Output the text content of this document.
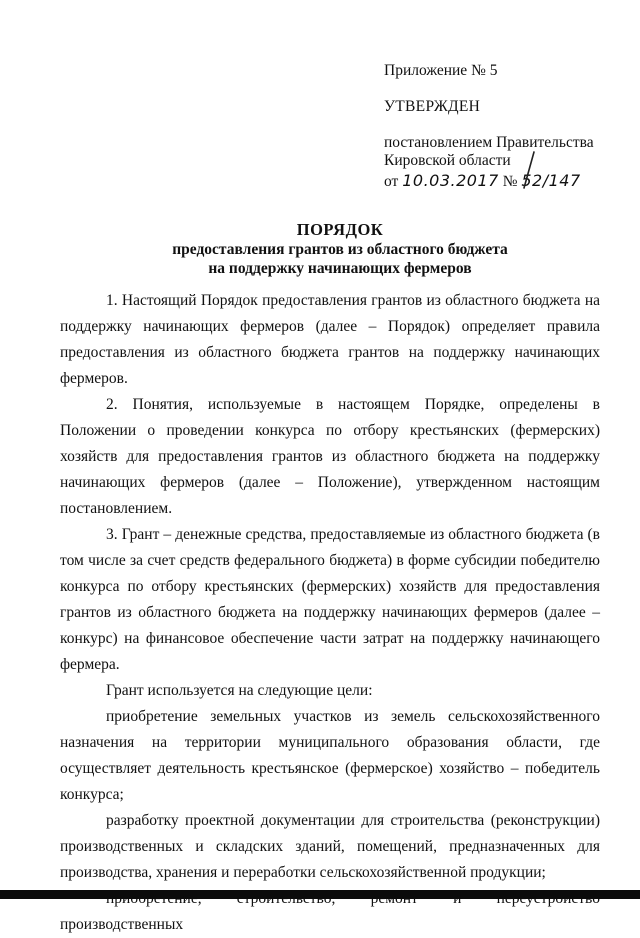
Приложение № 5
УТВЕРЖДЕН
постановлением Правительства
Кировской области
от 10.03.2017 № 52/147
ПОРЯДОК
предоставления грантов из областного бюджета
на поддержку начинающих фермеров

1. Настоящий Порядок предоставления грантов из областного бюджета на поддержку начинающих фермеров (далее – Порядок) определяет правила предоставления из областного бюджета грантов на поддержку начинающих фермеров.

2. Понятия, используемые в настоящем Порядке, определены в Положении о проведении конкурса по отбору крестьянских (фермерских) хозяйств для предоставления грантов из областного бюджета на поддержку начинающих фермеров (далее – Положение), утвержденном настоящим постановлением.

3. Грант – денежные средства, предоставляемые из областного бюджета (в том числе за счет средств федерального бюджета) в форме субсидии победителю конкурса по отбору крестьянских (фермерских) хозяйств для предоставления грантов из областного бюджета на поддержку начинающих фермеров (далее – конкурс) на финансовое обеспечение части затрат на поддержку начинающего фермера.

Грант используется на следующие цели:

приобретение земельных участков из земель сельскохозяйственного назначения на территории муниципального образования области, где осуществляет деятельность крестьянское (фермерское) хозяйство – победитель конкурса;

разработку проектной документации для строительства (реконструкции) производственных и складских зданий, помещений, предназначенных для производства, хранения и переработки сельскохозяйственной продукции;

производственных
